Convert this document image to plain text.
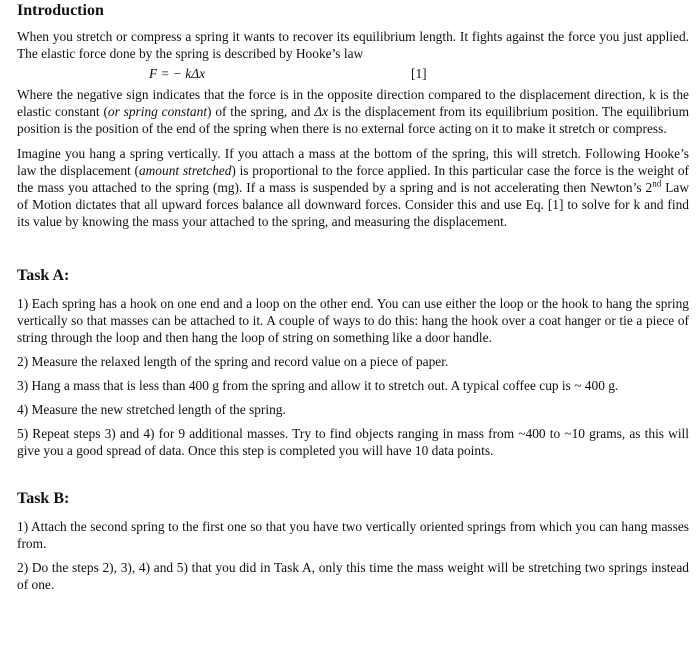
Introduction

When you stretch or compress a spring it wants to recover its equilibrium length. It fights against the force you just applied. The elastic force done by the spring is described by Hooke’s law

F = − kΔx	[1]

Where the negative sign indicates that the force is in the opposite direction compared to the displacement direction, k is the elastic constant (or spring constant) of the spring, and Δx is the displacement from its equilibrium position. The equilibrium position is the position of the end of the spring when there is no external force acting on it to make it stretch or compress.

Imagine you hang a spring vertically. If you attach a mass at the bottom of the spring, this will stretch. Following Hooke’s law the displacement (amount stretched) is proportional to the force applied. In this particular case the force is the weight of the mass you attached to the spring (mg). If a mass is suspended by a spring and is not accelerating then Newton’s 2nd Law of Motion dictates that all upward forces balance all downward forces. Consider this and use Eq. [1] to solve for k and find its value by knowing the mass your attached to the spring, and measuring the displacement.

Task A:

1) Each spring has a hook on one end and a loop on the other end. You can use either the loop or the hook to hang the spring vertically so that masses can be attached to it. A couple of ways to do this: hang the hook over a coat hanger or tie a piece of string through the loop and then hang the loop of string on something like a door handle.

2) Measure the relaxed length of the spring and record value on a piece of paper.

3) Hang a mass that is less than 400 g from the spring and allow it to stretch out. A typical coffee cup is ~ 400 g.

4) Measure the new stretched length of the spring.

5) Repeat steps 3) and 4) for 9 additional masses. Try to find objects ranging in mass from ~400 to ~10 grams, as this will give you a good spread of data. Once this step is completed you will have 10 data points.

Task B:

1) Attach the second spring to the first one so that you have two vertically oriented springs from which you can hang masses from.

2) Do the steps 2), 3), 4) and 5) that you did in Task A, only this time the mass weight will be stretching two springs instead of one.
